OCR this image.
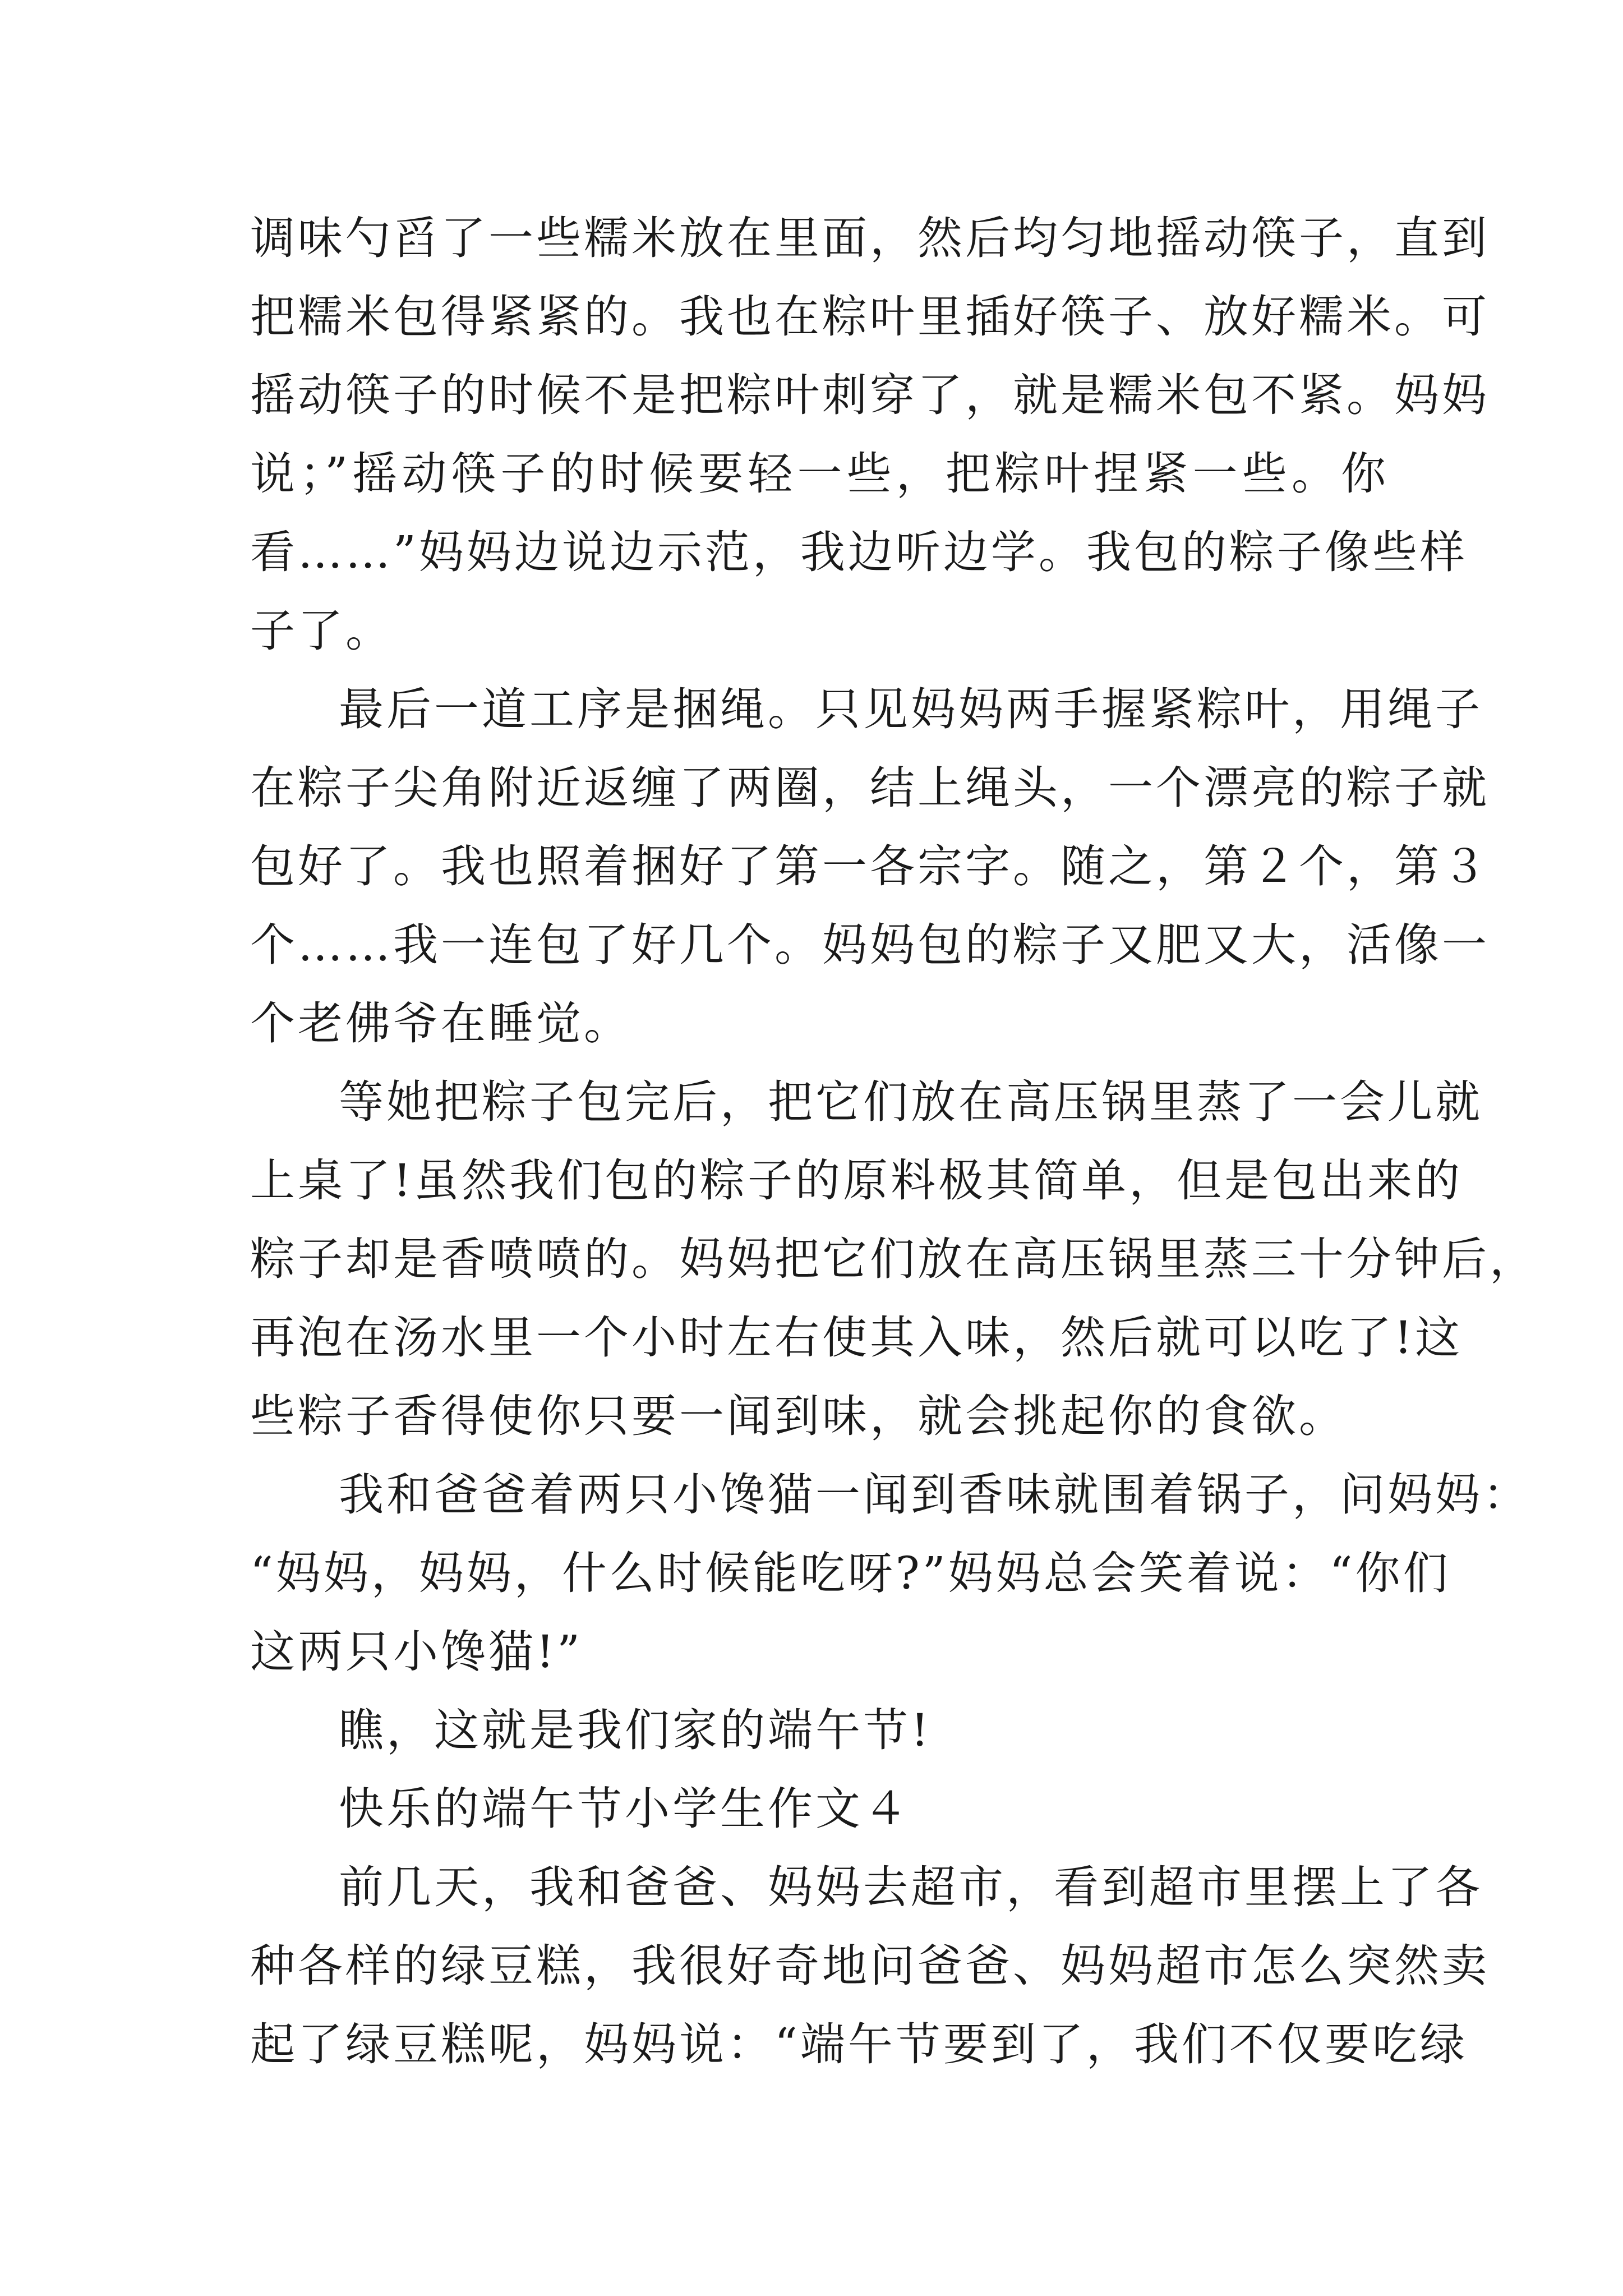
调味勺舀了一些糯米放在里面，然后均匀地摇动筷子，直到
把糯米包得紧紧的。我也在粽叶里插好筷子、放好糯米。可
摇动筷子的时候不是把粽叶刺穿了，就是糯米包不紧。妈妈
说；”摇动筷子的时候要轻一些，把粽叶捏紧一些。你
看……”妈妈边说边示范，我边听边学。我包的粽子像些样
子了。
最后一道工序是捆绳。只见妈妈两手握紧粽叶，用绳子
在粽子尖角附近返缠了两圈，结上绳头，一个漂亮的粽子就
包好了。我也照着捆好了第一各宗字。随之，第２个，第３
个……我一连包了好几个。妈妈包的粽子又肥又大，活像一
个老佛爷在睡觉。
等她把粽子包完后，把它们放在高压锅里蒸了一会儿就
上桌了!虽然我们包的粽子的原料极其简单，但是包出来的
粽子却是香喷喷的。妈妈把它们放在高压锅里蒸三十分钟后，
再泡在汤水里一个小时左右使其入味，然后就可以吃了!这
些粽子香得使你只要一闻到味，就会挑起你的食欲。
我和爸爸着两只小馋猫一闻到香味就围着锅子，问妈妈：
“妈妈，妈妈，什么时候能吃呀?”妈妈总会笑着说：“你们
这两只小馋猫!”
瞧，这就是我们家的端午节!
快乐的端午节小学生作文４
前几天，我和爸爸、妈妈去超市，看到超市里摆上了各
种各样的绿豆糕，我很好奇地问爸爸、妈妈超市怎么突然卖
起了绿豆糕呢，妈妈说：“端午节要到了，我们不仅要吃绿
